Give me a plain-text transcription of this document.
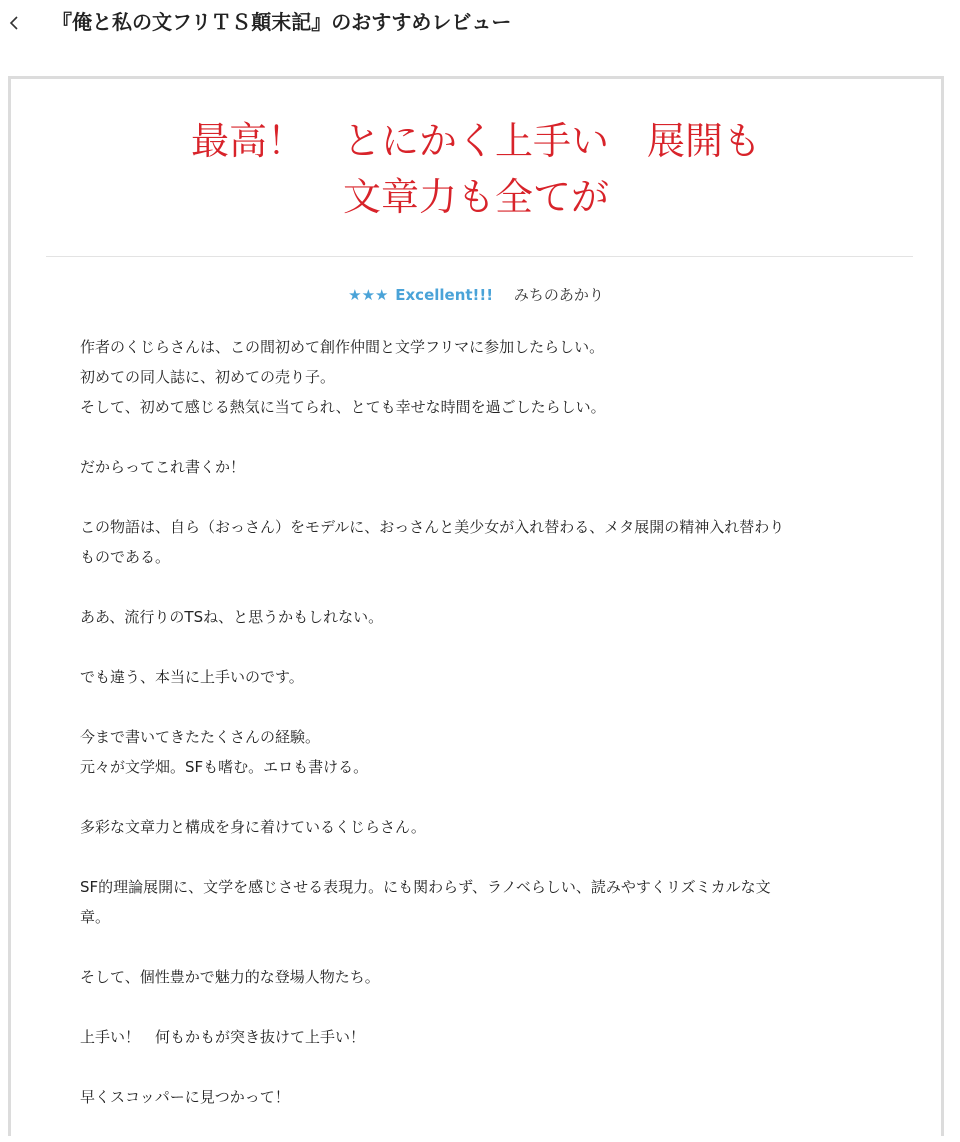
『俺と私の文フリＴＳ顛末記』のおすすめレビュー
最高！　とにかく上手い　展開も
文章力も全てが
★★★ Excellent!!! みちのあかり

作者のくじらさんは、この間初めて創作仲間と文学フリマに参加したらしい。
初めての同人誌に、初めての売り子。
そして、初めて感じる熱気に当てられ、とても幸せな時間を過ごしたらしい。

だからってこれ書くか！

この物語は、自ら（おっさん）をモデルに、おっさんと美少女が入れ替わる、メタ展開の精神入れ替わり
ものである。

ああ、流行りのTSね、と思うかもしれない。

でも違う、本当に上手いのです。

今まで書いてきたたくさんの経験。
元々が文学畑。SFも嗜む。エロも書ける。

多彩な文章力と構成を身に着けているくじらさん。

SF的理論展開に、文学を感じさせる表現力。にも関わらず、ラノベらしい、読みやすくリズミカルな文
章。

そして、個性豊かで魅力的な登場人物たち。

上手い！　何もかもが突き抜けて上手い！

早くスコッパーに見つかって！
